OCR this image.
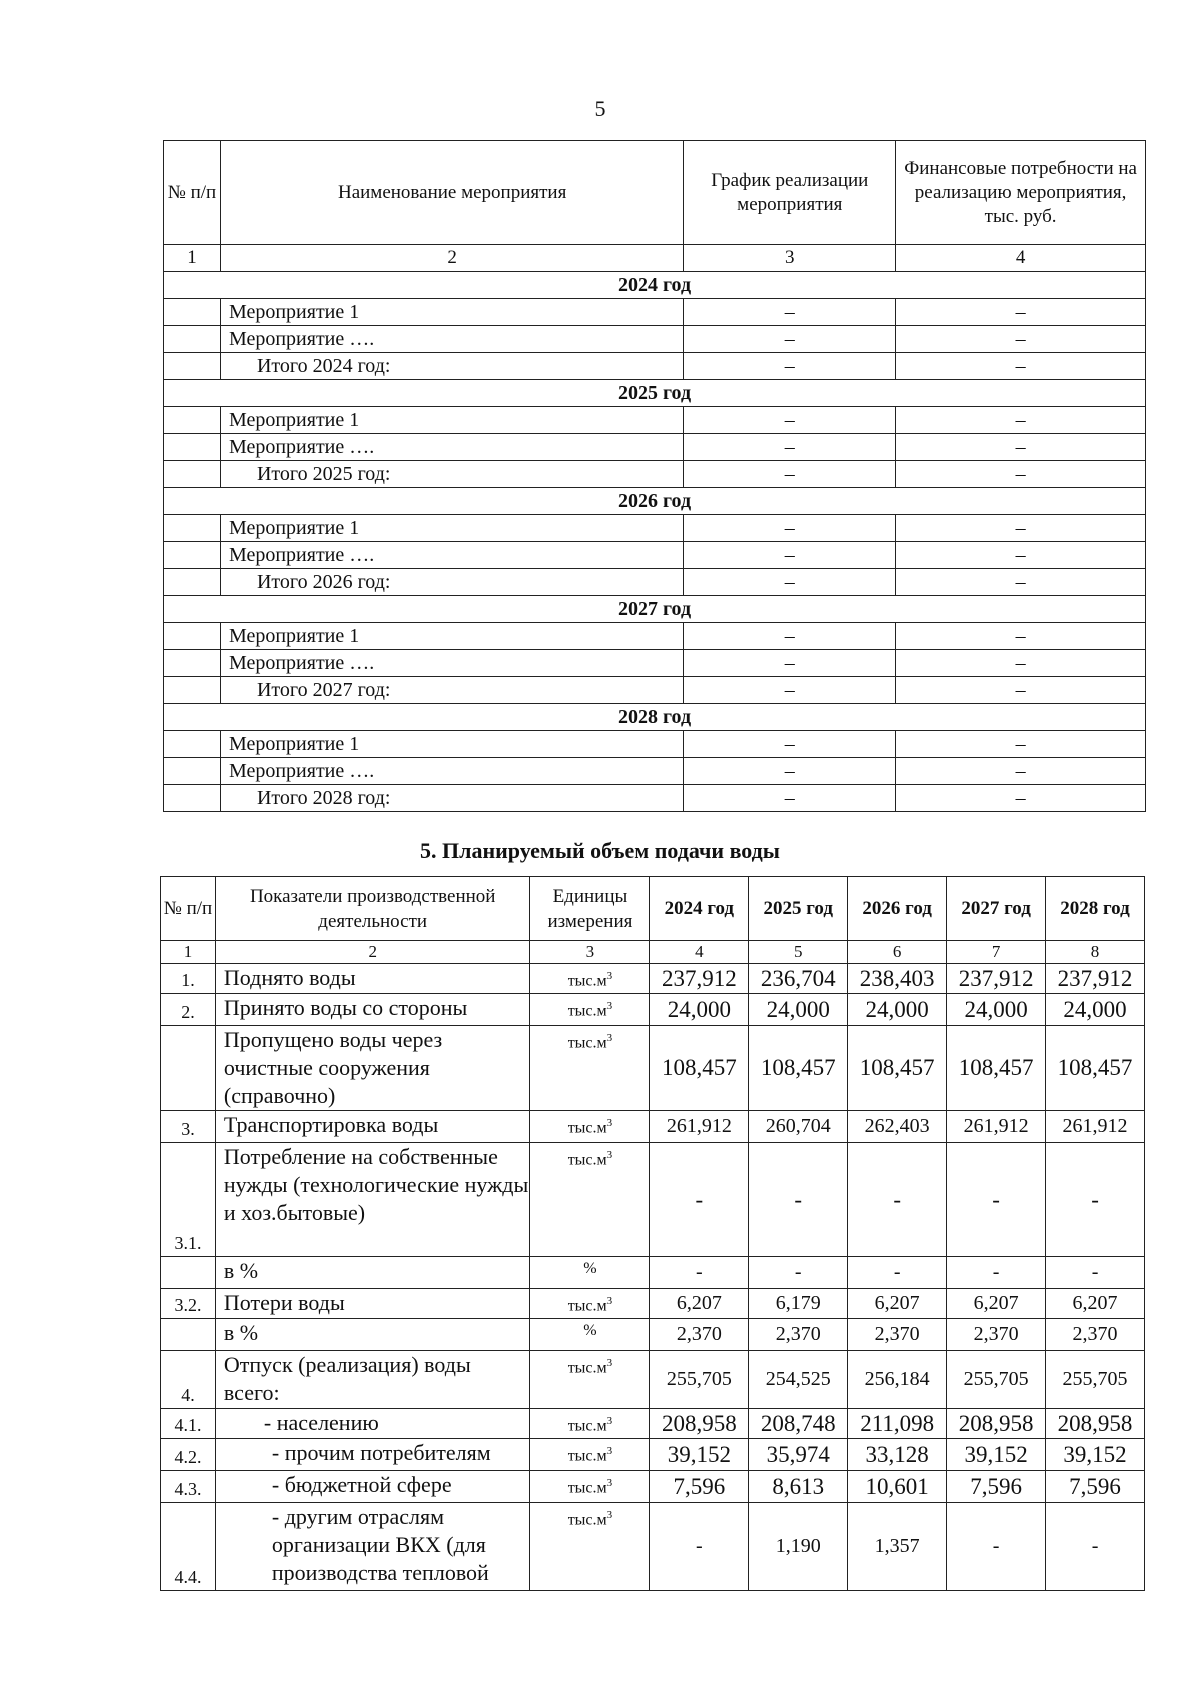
5
№ п/п	Наименование мероприятия	График реализации мероприятия	Финансовые потребности на реализацию мероприятия, тыс. руб.
1	2	3	4
2024 год			
	Мероприятие 1	–	–
	Мероприятие ….	–	–
	Итого 2024 год:	–	–
2025 год			
	Мероприятие 1	–	–
	Мероприятие ….	–	–
	Итого 2025 год:	–	–
2026 год			
	Мероприятие 1	–	–
	Мероприятие ….	–	–
	Итого 2026 год:	–	–
2027 год			
	Мероприятие 1	–	–
	Мероприятие ….	–	–
	Итого 2027 год:	–	–
2028 год			
	Мероприятие 1	–	–
	Мероприятие ….	–	–
	Итого 2028 год:	–	–
5. Планируемый объем подачи воды
№ п/п	Показатели производственной деятельности	Единицы измерения	2024 год	2025 год	2026 год	2027 год	2028 год
1	2	3	4	5	6	7	8
1.	Поднято воды	$тыс.м^3$	237,912	236,704	238,403	237,912	237,912
2.	Принято воды со стороны	$тыс.м^3$	24,000	24,000	24,000	24,000	24,000
	Пропущено воды через очистные сооружения (справочно)	$тыс.м^3$	108,457	108,457	108,457	108,457	108,457
3.	Транспортировка воды	$тыс.м^3$	261,912	260,704	262,403	261,912	261,912
3.1.	Потребление на собственные нужды (технологические нужды и хоз.бытовые)	$тыс.м^3$	-	-	-	-	-
	в %	%	-	-	-	-	-
3.2.	Потери воды	$тыс.м^3$	6,207	6,179	6,207	6,207	6,207
	в %	%	2,370	2,370	2,370	2,370	2,370
4.	Отпуск (реализация) воды всего:	$тыс.м^3$	255,705	254,525	256,184	255,705	255,705
4.1.	- населению	$тыс.м^3$	208,958	208,748	211,098	208,958	208,958
4.2.	- прочим потребителям	$тыс.м^3$	39,152	35,974	33,128	39,152	39,152
4.3.	- бюджетной сфере	$тыс.м^3$	7,596	8,613	10,601	7,596	7,596
4.4.	- другим отраслям организации ВКХ (для производства тепловой	$тыс.м^3$	-	1,190	1,357	-	-
